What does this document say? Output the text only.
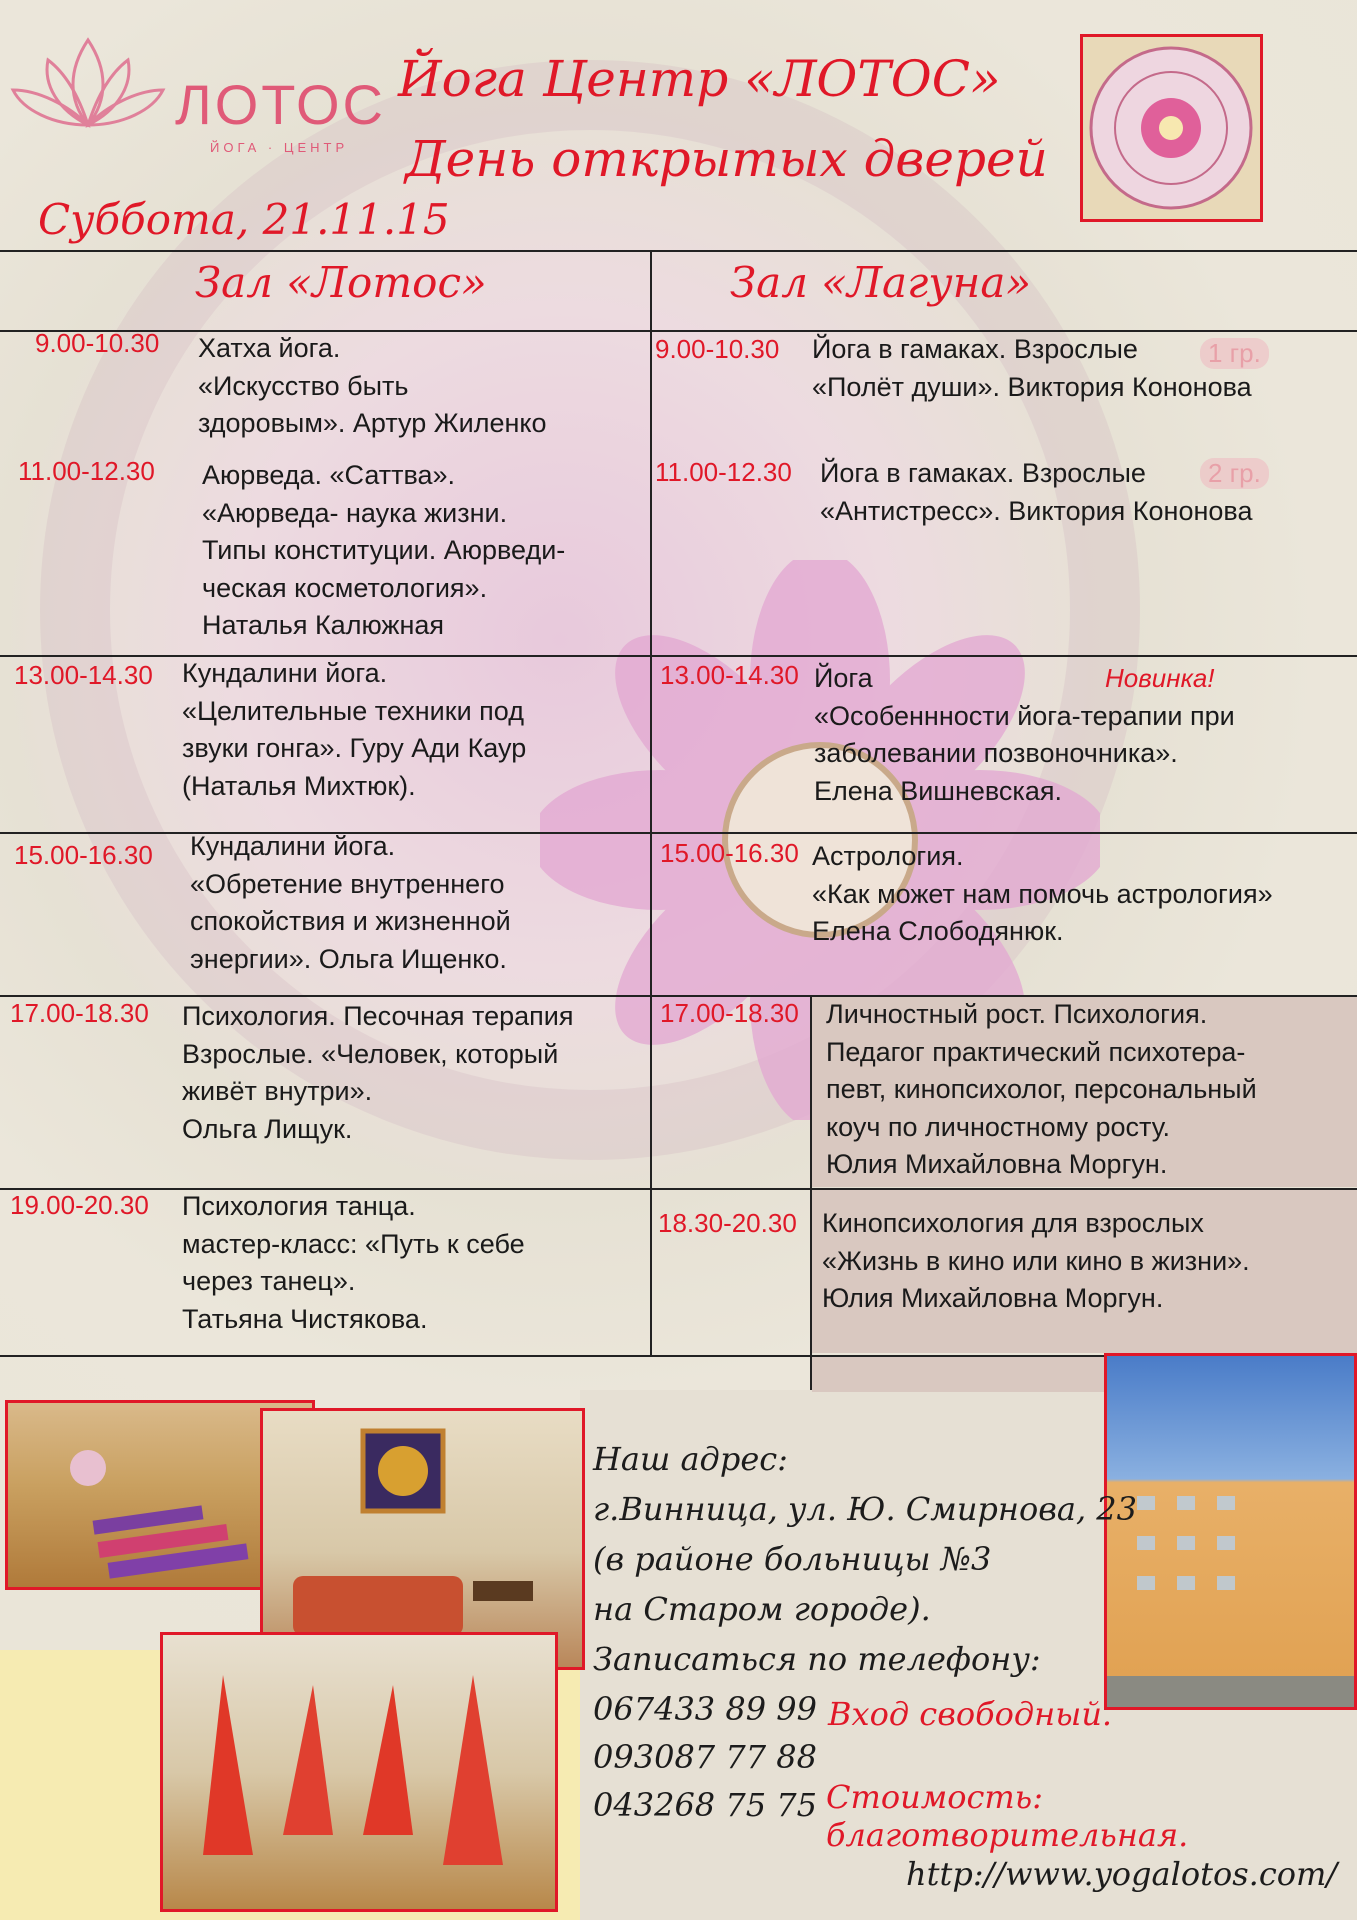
ЛОТОС
ЙОГА · ЦЕНТР
Йога Центр «ЛОТОС»
День открытых дверей
Суббота, 21.11.15
Зал «Лотос»	Зал «Лагуна»
9.00-10.30 Хатха йога.
«Искусство быть
здоровым». Артур Жиленко
11.00-12.30 Аюрведа. «Саттва».
«Аюрведа- наука жизни.
Типы конституции. Аюрведи-
ческая косметология».
Наталья Калюжная
13.00-14.30 Кундалини йога.
«Целительные техники под
звуки гонга». Гуру Ади Каур
(Наталья Михтюк).
15.00-16.30 Кундалини йога.
«Обретение внутреннего
спокойствия и жизненной
энергии». Ольга Ищенко.
17.00-18.30 Психология. Песочная терапия
Взрослые. «Человек, который
живёт внутри».
Ольга Лищук.
19.00-20.30 Психология танца.
мастер-класс: «Путь к себе
через танец».
Татьяна Чистякова.
9.00-10.30 Йога в гамаках. Взрослые
«Полёт души». Виктория Кононова
1 гр.
11.00-12.30 Йога в гамаках. Взрослые
«Антистресс». Виктория Кононова
2 гр.
13.00-14.30 Йога
«Особеннности йога-терапии при
заболевании позвоночника».
Елена Вишневская.
Новинка!
15.00-16.30 Астрология.
«Как может нам помочь астрология»
Елена Слободянюк.
17.00-18.30 Личностный рост. Психология.
Педагог практический психотера-
певт, кинопсихолог, персональный
коуч по личностному росту.
Юлия Михайловна Моргун.
18.30-20.30 Кинопсихология для взрослых
«Жизнь в кино или кино в жизни».
Юлия Михайловна Моргун.
Наш адрес:
г.Винница, ул. Ю. Смирнова, 23
(в районе больницы №3
на Старом городе).
Записаться по телефону:
067433 89 99
093087 77 88
043268 75 75
Вход свободный.
Стоимость: благотворительная.
http://www.yogalotos.com/
